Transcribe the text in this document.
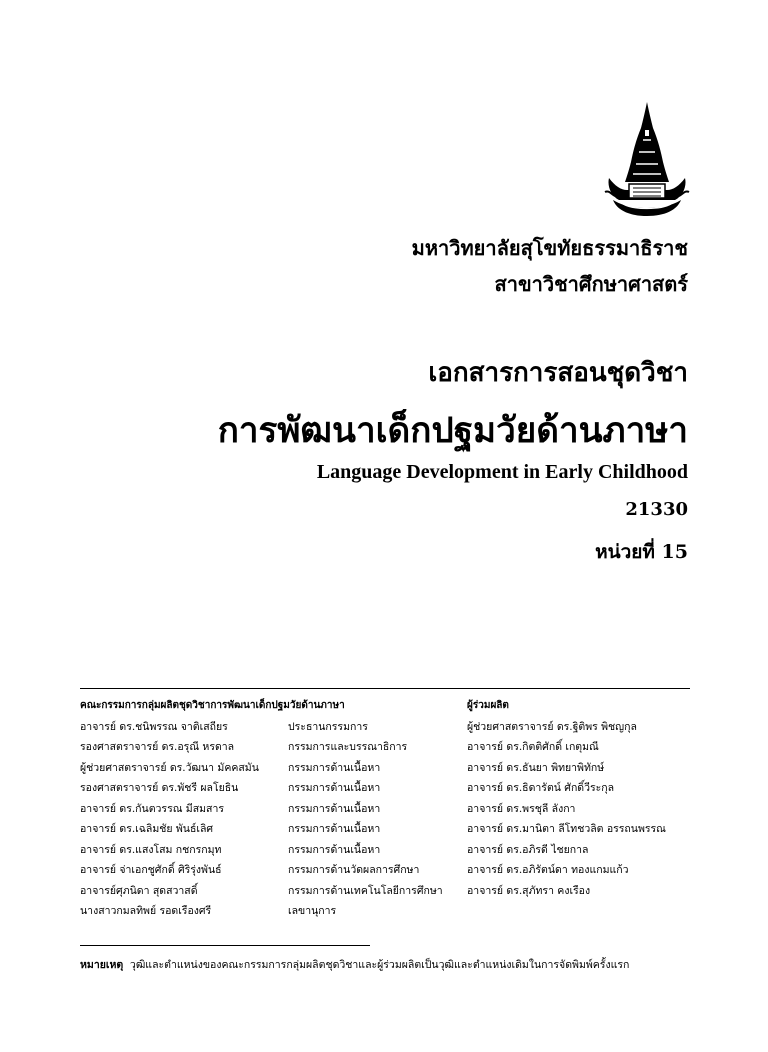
มหาวิทยาลัยสุโขทัยธรรมาธิราช
สาขาวิชาศึกษาศาสตร์
เอกสารการสอนชุดวิชา
การพัฒนาเด็กปฐมวัยด้านภาษา
Language Development in Early Childhood
21330
หน่วยที่ 15
คณะกรรมการกลุ่มผลิตชุดวิชาการพัฒนาเด็กปฐมวัยด้านภาษา
อาจารย์ ดร.ชนิพรรณ จาติเสถียร
รองศาสตราจารย์ ดร.อรุณี หรดาล
ผู้ช่วยศาสตราจารย์ ดร.วัฒนา มัคคสมัน
รองศาสตราจารย์ ดร.พัชรี ผลโยธิน
อาจารย์ ดร.กันตวรรณ มีสมสาร
อาจารย์ ดร.เฉลิมชัย พันธ์เลิศ
อาจารย์ ดร.แสงโสม กชกรกมุท
อาจารย์ จ่าเอกชูศักดิ์ ศิริรุ่งพันธ์
อาจารย์ศุภนิดา สุดสวาสดิ์
นางสาวกมลทิพย์ รอดเรืองศรี
ประธานกรรมการ
กรรมการและบรรณาธิการ
กรรมการด้านเนื้อหา
กรรมการด้านเนื้อหา
กรรมการด้านเนื้อหา
กรรมการด้านเนื้อหา
กรรมการด้านเนื้อหา
กรรมการด้านวัดผลการศึกษา
กรรมการด้านเทคโนโลยีการศึกษา
เลขานุการ
ผู้ร่วมผลิต
ผู้ช่วยศาสตราจารย์ ดร.ฐิติพร พิชญกุล
อาจารย์ ดร.กิตติศักดิ์ เกตุมณี
อาจารย์ ดร.ธันยา พิทยาพิทักษ์
อาจารย์ ดร.ธิดารัตน์ ศักดิ์วีระกุล
อาจารย์ ดร.พรชุลี ลังกา
อาจารย์ ดร.มานิตา ลีโทชวลิต อรรถนพรรณ
อาจารย์ ดร.อภิรดี ไชยกาล
อาจารย์ ดร.อภิรัตน์ดา ทองแกมแก้ว
อาจารย์ ดร.สุภัทรา คงเรือง
หมายเหตุ วุฒิและตำแหน่งของคณะกรรมการกลุ่มผลิตชุดวิชาและผู้ร่วมผลิตเป็นวุฒิและตำแหน่งเดิมในการจัดพิมพ์ครั้งแรก
